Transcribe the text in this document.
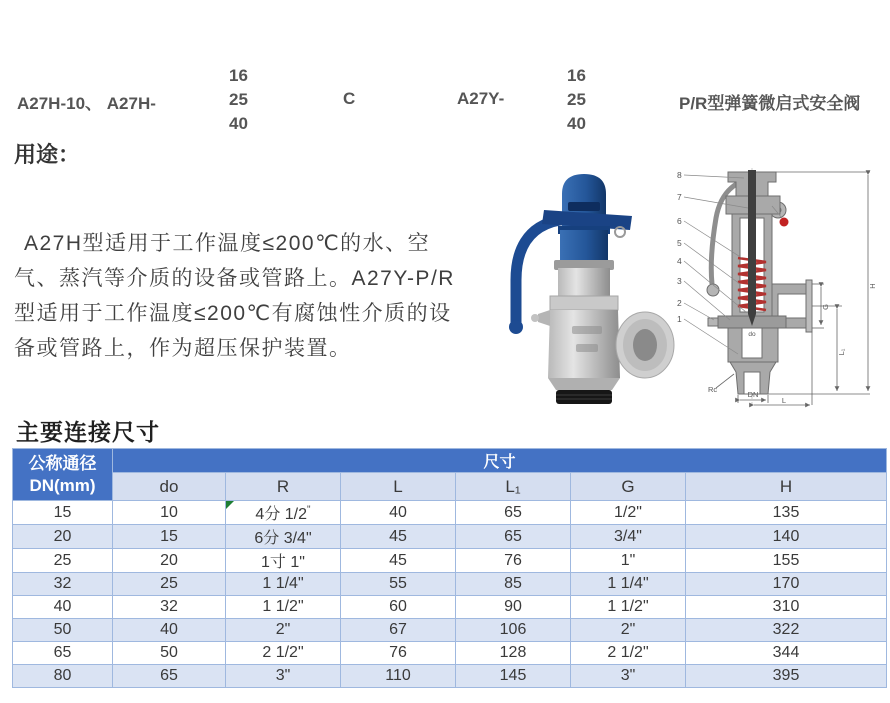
A27H-10、 A27H-
16
25
40
C	A27Y-
16
25
40
P/R型弹簧微启式安全阀
用途：

A27H型适用于工作温度≤200℃的水、空气、蒸汽等介质的设备或管路上。A27Y-P/R型适用于工作温度≤200℃有腐蚀性介质的设备或管路上，作为超压保护装置。

8
7
6
5
4
3
2
1
H
G
L₁
do
DN
L
Rc
主要连接尺寸
公称通径
DN(mm)	尺寸					
	do	R	L	L₁	G	H
15	10	4分 1/2"	40	65	1/2"	135
20	15	6分 3/4"	45	65	3/4"	140
25	20	1寸 1"	45	76	1"	155
32	25	1 1/4"	55	85	1 1/4"	170
40	32	1 1/2"	60	90	1 1/2"	310
50	40	2"	67	106	2"	322
65	50	2 1/2"	76	128	2 1/2"	344
80	65	3"	110	145	3"	395
